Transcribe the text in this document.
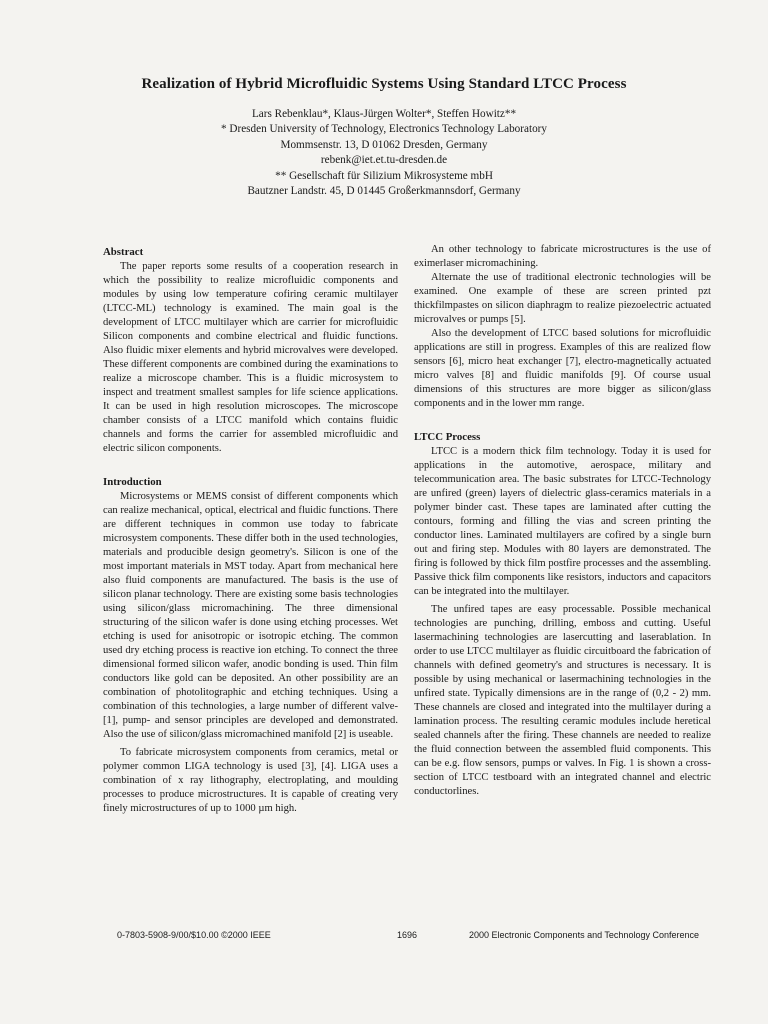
Realization of Hybrid Microfluidic Systems Using Standard LTCC Process
Lars Rebenklau*, Klaus-Jürgen Wolter*, Steffen Howitz**
* Dresden University of Technology, Electronics Technology Laboratory
Mommsenstr. 13, D 01062 Dresden, Germany
rebenk@iet.et.tu-dresden.de
** Gesellschaft für Silizium Mikrosysteme mbH
Bautzner Landstr. 45, D 01445 Großerkmannsdorf, Germany
Abstract

The paper reports some results of a cooperation research in which the possibility to realize microfluidic components and modules by using low temperature cofiring ceramic multilayer (LTCC-ML) technology is examined. The main goal is the development of LTCC multilayer which are carrier for microfluidic Silicon components and combine electrical and fluidic functions. Also fluidic mixer elements and hybrid microvalves were developed. These different components are combined during the examinations to realize a microscope chamber. This is a fluidic microsystem to inspect and treatment smallest samples for life science applications. It can be used in high resolution microscopes. The microscope chamber consists of a LTCC manifold which contains fluidic channels and forms the carrier for assembled microfluidic and electric silicon components.

Introduction

Microsystems or MEMS consist of different components which can realize mechanical, optical, electrical and fluidic functions. There are different techniques in common use today to fabricate microsystem components. These differ both in the used technologies, materials and producible design geometry's. Silicon is one of the most important materials in MST today. Apart from mechanical here also fluid components are manufactured. The basis is the use of silicon planar technology. There are existing some basis technologies using silicon/glass micromachining. The three dimensional structuring of the silicon wafer is done using etching processes. Wet etching is used for anisotropic or isotropic etching. The common used dry etching process is reactive ion etching. To connect the three dimensional formed silicon wafer, anodic bonding is used. Thin film conductors like gold can be deposited. An other possibility are an combination of photolitographic and etching techniques. Using a combination of this technologies, a large number of different valve-[1], pump- and sensor principles are developed and demonstrated. Also the use of silicon/glass micromachined manifold [2] is useable.

To fabricate microsystem components from ceramics, metal or polymer common LIGA technology is used [3], [4]. LIGA uses a combination of x ray lithography, electroplating, and moulding processes to produce microstructures. It is capable of creating very finely microstructures of up to 1000 µm high.

An other technology to fabricate microstructures is the use of eximerlaser micromachining.

Alternate the use of traditional electronic technologies will be examined. One example of these are screen printed pzt thickfilmpastes on silicon diaphragm to realize piezoelectric actuated microvalves or pumps [5].

Also the development of LTCC based solutions for microfluidic applications are still in progress. Examples of this are realized flow sensors [6], micro heat exchanger [7], electro-magnetically actuated micro valves [8] and fluidic manifolds [9]. Of course usual dimensions of this structures are more bigger as silicon/glass components and in the lower mm range.

LTCC Process

LTCC is a modern thick film technology. Today it is used for applications in the automotive, aerospace, military and telecommunication area. The basic substrates for LTCC-Technology are unfired (green) layers of dielectric glass-ceramics materials in a polymer binder cast. These tapes are laminated after cutting the contours, forming and filling the vias and screen printing the conductor lines. Laminated multilayers are cofired by a single burn out and firing step. Modules with 80 layers are demonstrated. The firing is followed by thick film postfire processes and the assembling. Passive thick film components like resistors, inductors and capacitors can be integrated into the multilayer.

The unfired tapes are easy processable. Possible mechanical technologies are punching, drilling, emboss and cutting. Useful lasermachining technologies are lasercutting and laserablation. In order to use LTCC multilayer as fluidic circuitboard the fabrication of channels with defined geometry's and structures is necessary. It is possible by using mechanical or lasermachining technologies in the unfired state. Typically dimensions are in the range of (0,2 - 2) mm. These channels are closed and integrated into the multilayer during a lamination process. The resulting ceramic modules include heretical sealed channels after the firing. These channels are needed to realize the fluid connection between the assembled fluid components. This can be e.g. flow sensors, pumps or valves. In Fig. 1 is shown a cross-section of LTCC testboard with an integrated channel and electric conductorlines.

0-7803-5908-9/00/$10.00 ©2000 IEEE	1696	2000 Electronic Components and Technology Conference
